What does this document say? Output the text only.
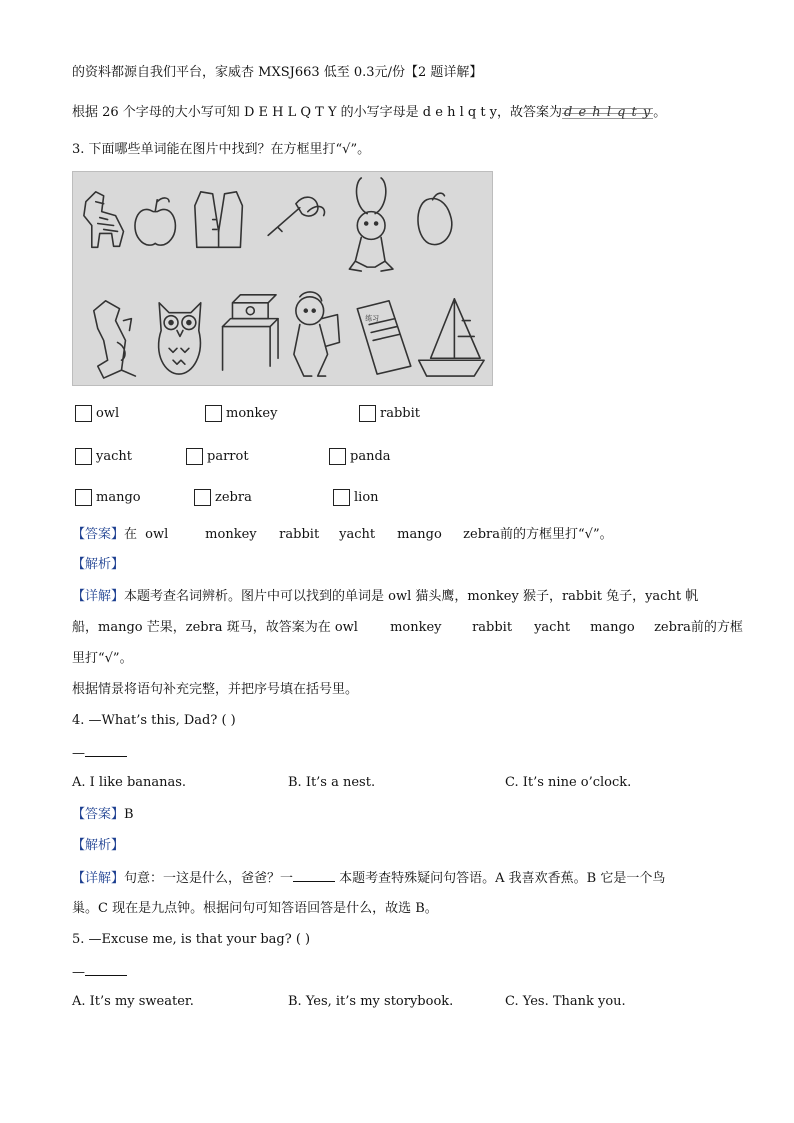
的资料都源自我们平台，家威杏 MXSJ663 低至 0.3元/份【2 题详解】
根据 26 个字母的大小写可知 D E H L Q T Y 的小写字母是 d e h l q t y，故答案为 d e h l q t y 。
3. 下面哪些单词能在图片中找到？在方框里打“√”。
练习
owl	monkey	rabbit
yacht	parrot	panda
mango	zebra	lion
【答案】在 owl	monkey rabbit yacht mango zebra前的方框里打“√”。
【解析】
【详解】本题考查名词辨析。图片中可以找到的单词是 owl 猫头鹰，monkey 猴子，rabbit 兔子，yacht 帆
船，mango 芒果，zebra 斑马，故答案为在 owl monkey rabbit yacht mango zebra前的方框
里打“√”。
根据情景将语句补充完整，并把序号填在括号里。
4. —What’s this, Dad? ( )
—
A. I like bananas.	B. It’s a nest.	C. It’s nine o’clock.
【答案】B
【解析】
【详解】句意：一这是什么，爸爸？一	本题考查特殊疑问句答语。A 我喜欢香蕉。B 它是一个鸟
巢。C 现在是九点钟。根据问句可知答语回答是什么，故选 B。
5. —Excuse me, is that your bag? ( )
—
A. It’s my sweater.	B. Yes, it’s my storybook.	C. Yes. Thank you.
